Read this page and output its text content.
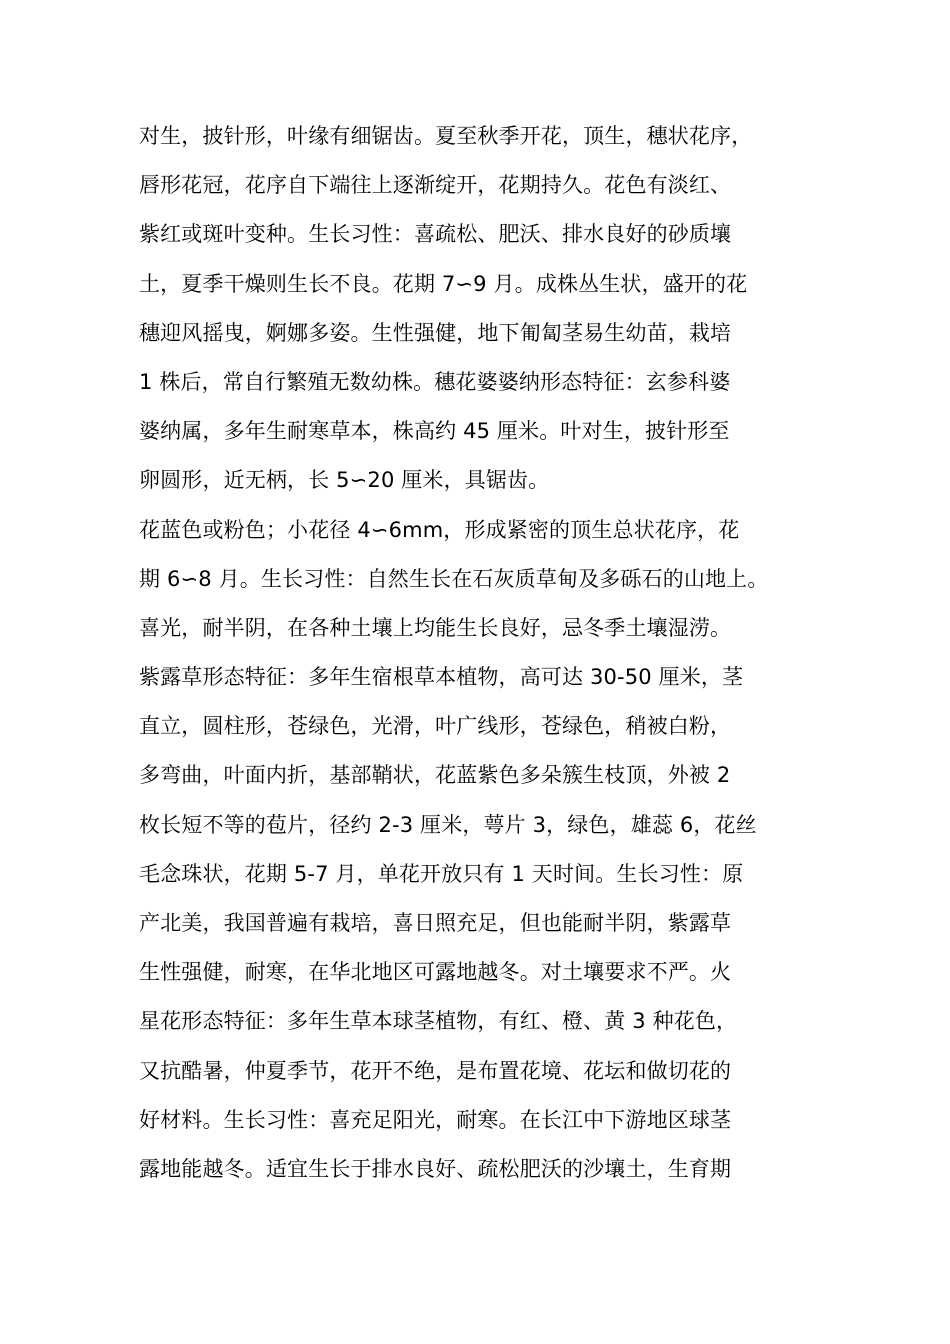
对生，披针形，叶缘有细锯齿。夏至秋季开花，顶生，穗状花序，
唇形花冠，花序自下端往上逐渐绽开，花期持久。花色有淡红、
紫红或斑叶变种。生长习性：喜疏松、肥沃、排水良好的砂质壤
土，夏季干燥则生长不良。花期 7∽9 月。成株丛生状，盛开的花
穗迎风摇曳，婀娜多姿。生性强健，地下匍匐茎易生幼苗，栽培
1 株后，常自行繁殖无数幼株。穗花婆婆纳形态特征：玄参科婆
婆纳属，多年生耐寒草本，株高约 45 厘米。叶对生，披针形至
卵圆形，近无柄，长 5∽20 厘米，具锯齿。
花蓝色或粉色；小花径 4∽6mm，形成紧密的顶生总状花序，花
期 6∽8 月。生长习性：自然生长在石灰质草甸及多砾石的山地上。
喜光，耐半阴，在各种土壤上均能生长良好，忌冬季土壤湿涝。
紫露草形态特征：多年生宿根草本植物，高可达 30-50 厘米，茎
直立，圆柱形，苍绿色，光滑，叶广线形，苍绿色，稍被白粉，
多弯曲，叶面内折，基部鞘状，花蓝紫色多朵簇生枝顶，外被 2
枚长短不等的苞片，径约 2-3 厘米，萼片 3，绿色，雄蕊 6，花丝
毛念珠状，花期 5-7 月，单花开放只有 1 天时间。生长习性：原
产北美，我国普遍有栽培，喜日照充足，但也能耐半阴，紫露草
生性强健，耐寒，在华北地区可露地越冬。对土壤要求不严。火
星花形态特征：多年生草本球茎植物，有红、橙、黄 3 种花色，
又抗酷暑，仲夏季节，花开不绝，是布置花境、花坛和做切花的
好材料。生长习性：喜充足阳光，耐寒。在长江中下游地区球茎
露地能越冬。适宜生长于排水良好、疏松肥沃的沙壤土，生育期
